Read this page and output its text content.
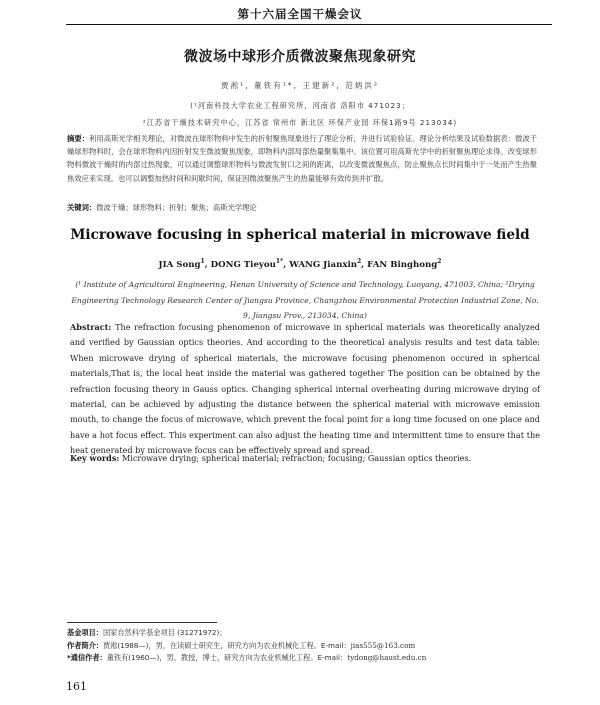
第十六届全国干燥会议
微波场中球形介质微波聚焦现象研究
贾淞¹, 董铁有¹*, 王建新², 范炳洪²
(¹河南科技大学农业工程研究所，河南省 洛阳市 471023；
²江苏省干燥技术研究中心，江苏省 常州市 新北区 环保产业园 环保1路9号 213034)
摘要：利用高斯光学相关理论，对微波在球形物料中发生的折射聚焦现象进行了理论分析，并进行试验验证。理论分析结果及试验数据表：微波干燥球形物料时，会在球形物料内因折射发生微波聚焦现象，即物料内部局部热量聚集集中。该位置可用高斯光学中的折射聚焦理论求得。改变球形物料微波干燥时的内部过热现象，可以通过调整球形物料与微波发射口之间的距离，以改变微波聚焦点，防止聚焦点长时间集中于一处而产生热聚焦效应来实现。也可以调整加热时间和间歇时间，保证因微波聚焦产生的热量能够有效传到并扩散。
关键词：微波干燥；球形物料；折射；聚焦；高斯光学理论
Microwave focusing in spherical material in microwave field
JIA Song$^1$, DONG Tieyou$^{1*}$, WANG Jianxin$^2$, FAN Binghong$^2$
(¹ Institute of Agricultural Engineering, Henan University of Science and Technology, Luoyang, 471003, China; ²Drying Engineering Technology Research Center of Jiangsu Province, Changzhou Environmental Protection Industrial Zone, No. 9, Jiangsu Prov., 213034, China)
Abstract: The refraction focusing phenomenon of microwave in spherical materials was theoretically analyzed and verified by Gaussian optics theories. And according to the theoretical analysis results and test data table: When microwave drying of spherical materials, the microwave focusing phenomenon occured in spherical materials,That is, the local heat inside the material was gathered together The position can be obtained by the refraction focusing theory in Gauss optics. Changing spherical internal overheating during microwave drying of material, can be achieved by adjusting the distance between the spherical material with microwave emission mouth, to change the focus of microwave, which prevent the focal point for a long time focused on one place and have a hot focus effect. This experiment can also adjust the heating time and intermittent time to ensure that the heat generated by microwave focus can be effectively spread and spread.
Key words: Microwave drying; spherical material; refraction; focusing; Gaussian optics theories.
基金项目：国家自然科学基金项目 (31271972)；
作者简介：贾淞(1988—)，男，在读硕士研究生，研究方向为农业机械化工程。E-mail：jias555@163.com
*通信作者：董铁有(1960—)，男，教授，博士，研究方向为农业机械化工程。E-mail：tydong@haust.edu.cn
161
